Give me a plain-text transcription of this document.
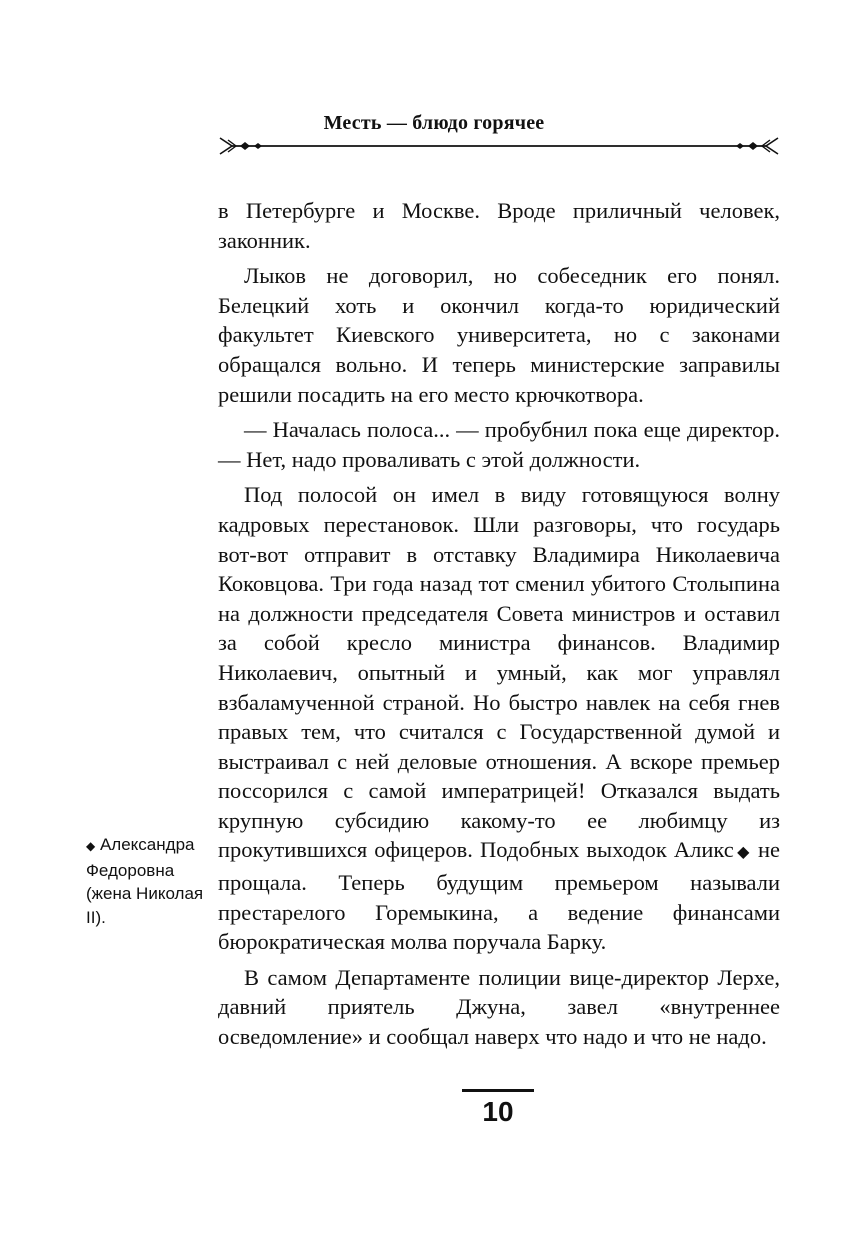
Месть — блюдо горячее

в Петербурге и Москве. Вроде приличный человек, законник.

Лыков не договорил, но собеседник его понял. Белецкий хоть и окончил когда-то юридический факультет Киевского университета, но с законами обращался вольно. И теперь министерские заправилы решили посадить на его место крючкотвора.

— Началась полоса... — пробубнил пока еще директор. — Нет, надо проваливать с этой должности.

Под полосой он имел в виду готовящуюся волну кадровых перестановок. Шли разговоры, что государь вот-вот отправит в отставку Владимира Николаевича Коковцова. Три года назад тот сменил убитого Столыпина на должности председателя Совета министров и оставил за собой кресло министра финансов. Владимир Николаевич, опытный и умный, как мог управлял взбаламученной страной. Но быстро навлек на себя гнев правых тем, что считался с Государственной думой и выстраивал с ней деловые отношения. А вскоре премьер поссорился с самой императрицей! Отказался выдать крупную субсидию какому-то ее любимцу из прокутившихся офицеров. Подобных выходок Аликс ◆ не прощала. Теперь будущим премьером называли престарелого Горемыкина, а ведение финансами бюрократическая молва поручала Барку.

В самом Департаменте полиции вице-директор Лерхе, давний приятель Джуна, завел «внутреннее осведомление» и сообщал наверх что надо и что не надо.

◆ Александра Федоровна (жена Николая II).
10
